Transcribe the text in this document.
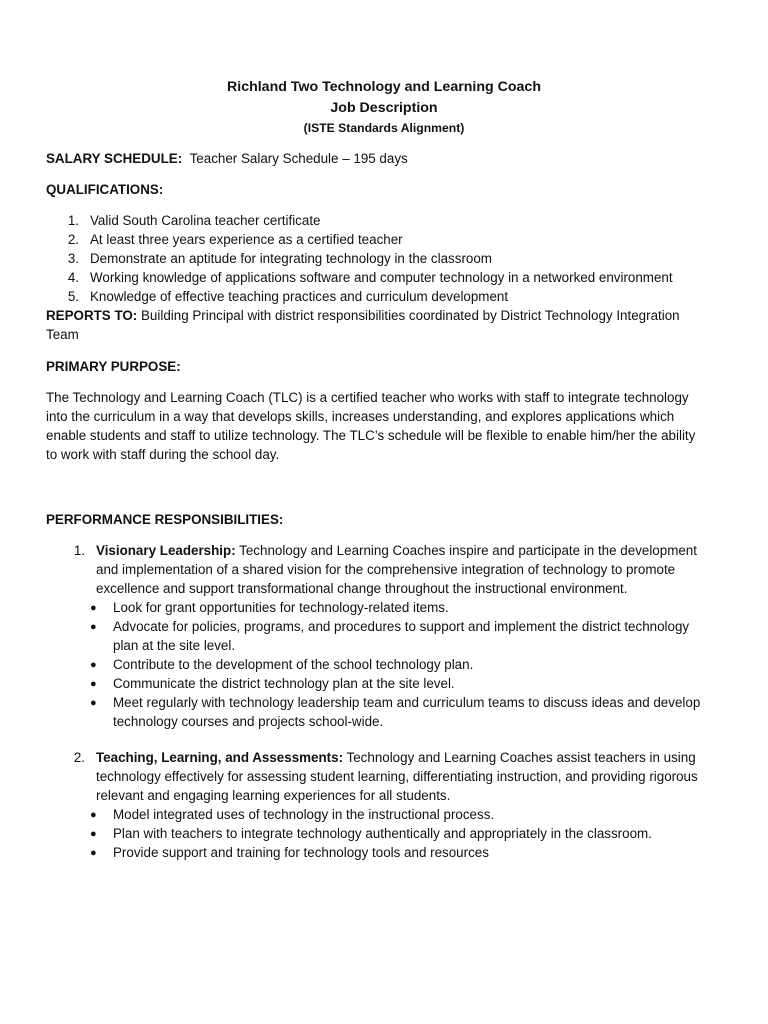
Richland Two Technology and Learning Coach
Job Description
(ISTE Standards Alignment)
SALARY SCHEDULE: Teacher Salary Schedule – 195 days
QUALIFICATIONS:
1. Valid South Carolina teacher certificate
2. At least three years experience as a certified teacher
3. Demonstrate an aptitude for integrating technology in the classroom
4. Working knowledge of applications software and computer technology in a networked environment
5. Knowledge of effective teaching practices and curriculum development
REPORTS TO: Building Principal with district responsibilities coordinated by District Technology Integration
Team
PRIMARY PURPOSE:
The Technology and Learning Coach (TLC) is a certified teacher who works with staff to integrate technology
into the curriculum in a way that develops skills, increases understanding, and explores applications which
enable students and staff to utilize technology. The TLC’s schedule will be flexible to enable him/her the ability
to work with staff during the school day.
PERFORMANCE RESPONSIBILITIES:
1. Visionary Leadership: Technology and Learning Coaches inspire and participate in the development
and implementation of a shared vision for the comprehensive integration of technology to promote
excellence and support transformational change throughout the instructional environment.
● Look for grant opportunities for technology-related items.
● Advocate for policies, programs, and procedures to support and implement the district technology
plan at the site level.
● Contribute to the development of the school technology plan.
● Communicate the district technology plan at the site level.
● Meet regularly with technology leadership team and curriculum teams to discuss ideas and develop
technology courses and projects school-wide.
2. Teaching, Learning, and Assessments: Technology and Learning Coaches assist teachers in using
technology effectively for assessing student learning, differentiating instruction, and providing rigorous
relevant and engaging learning experiences for all students.
● Model integrated uses of technology in the instructional process.
● Plan with teachers to integrate technology authentically and appropriately in the classroom.
● Provide support and training for technology tools and resources
